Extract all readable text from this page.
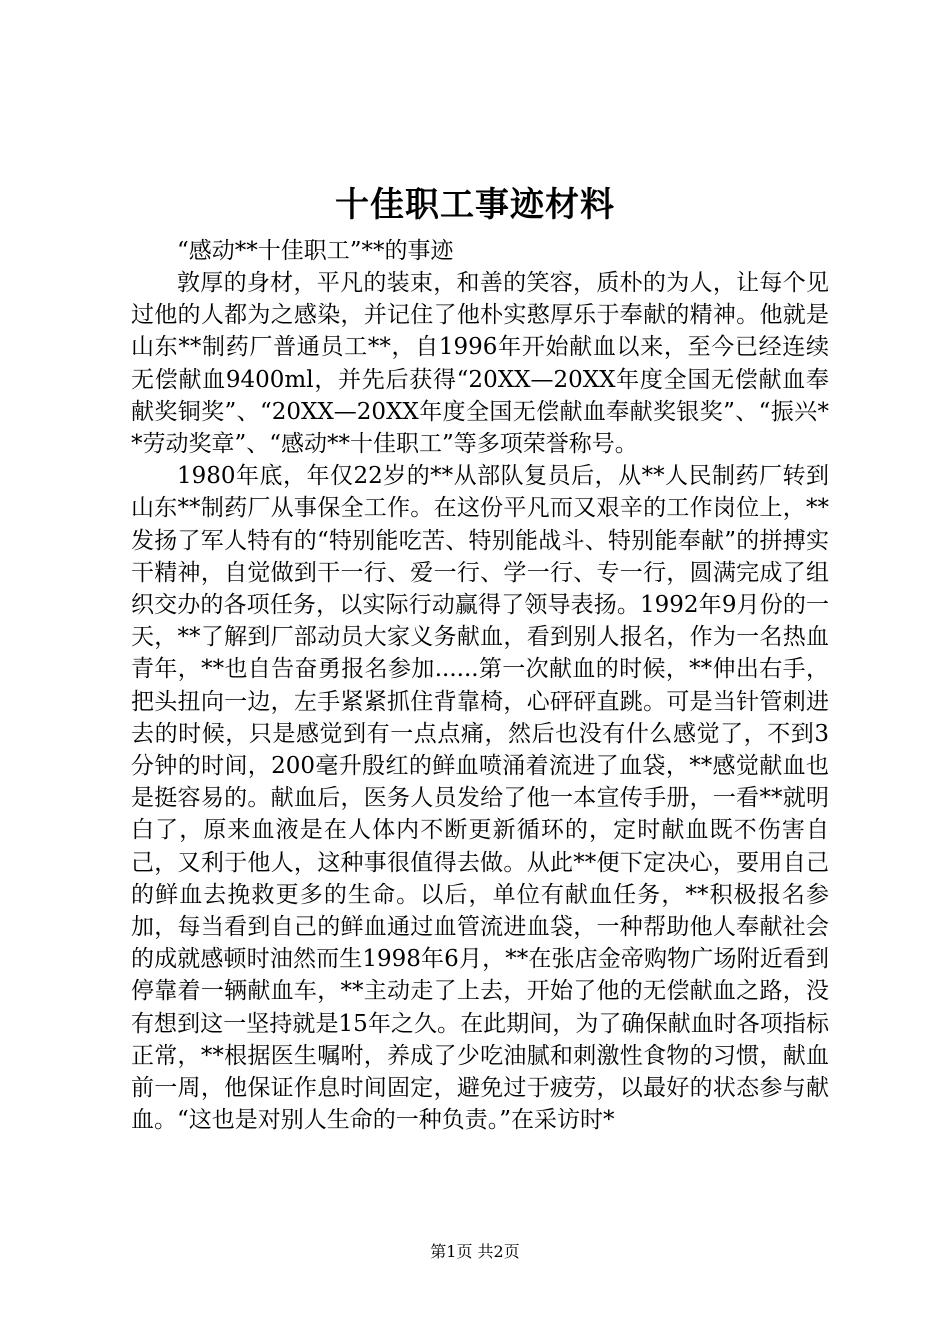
十佳职工事迹材料

“感动**十佳职工”**的事迹

敦厚的身材，平凡的装束，和善的笑容，质朴的为人，让每个见过他的人都为之感染，并记住了他朴实憨厚乐于奉献的精神。他就是山东**制药厂普通员工**，自1996年开始献血以来，至今已经连续无偿献血9400ml，并先后获得“20XX—20XX年度全国无偿献血奉献奖铜奖”、“20XX—20XX年度全国无偿献血奉献奖银奖”、“振兴**劳动奖章”、“感动**十佳职工”等多项荣誉称号。

1980年底，年仅22岁的**从部队复员后，从**人民制药厂转到山东**制药厂从事保全工作。在这份平凡而又艰辛的工作岗位上，**发扬了军人特有的“特别能吃苦、特别能战斗、特别能奉献”的拼搏实干精神，自觉做到干一行、爱一行、学一行、专一行，圆满完成了组织交办的各项任务，以实际行动赢得了领导表扬。1992年9月份的一天，**了解到厂部动员大家义务献血，看到别人报名，作为一名热血青年，**也自告奋勇报名参加......第一次献血的时候，**伸出右手，把头扭向一边，左手紧紧抓住背靠椅，心砰砰直跳。可是当针管刺进去的时候，只是感觉到有一点点痛，然后也没有什么感觉了，不到3分钟的时间，200毫升殷红的鲜血喷涌着流进了血袋，**感觉献血也是挺容易的。献血后，医务人员发给了他一本宣传手册，一看**就明白了，原来血液是在人体内不断更新循环的，定时献血既不伤害自己，又利于他人，这种事很值得去做。从此**便下定决心，要用自己的鲜血去挽救更多的生命。以后，单位有献血任务，**积极报名参加，每当看到自己的鲜血通过血管流进血袋，一种帮助他人奉献社会的成就感顿时油然而生1998年6月，**在张店金帝购物广场附近看到停靠着一辆献血车，**主动走了上去，开始了他的无偿献血之路，没有想到这一坚持就是15年之久。在此期间，为了确保献血时各项指标正常，**根据医生嘱咐，养成了少吃油腻和刺激性食物的习惯，献血前一周，他保证作息时间固定，避免过于疲劳，以最好的状态参与献血。“这也是对别人生命的一种负责。”在采访时*

第1页 共2页
